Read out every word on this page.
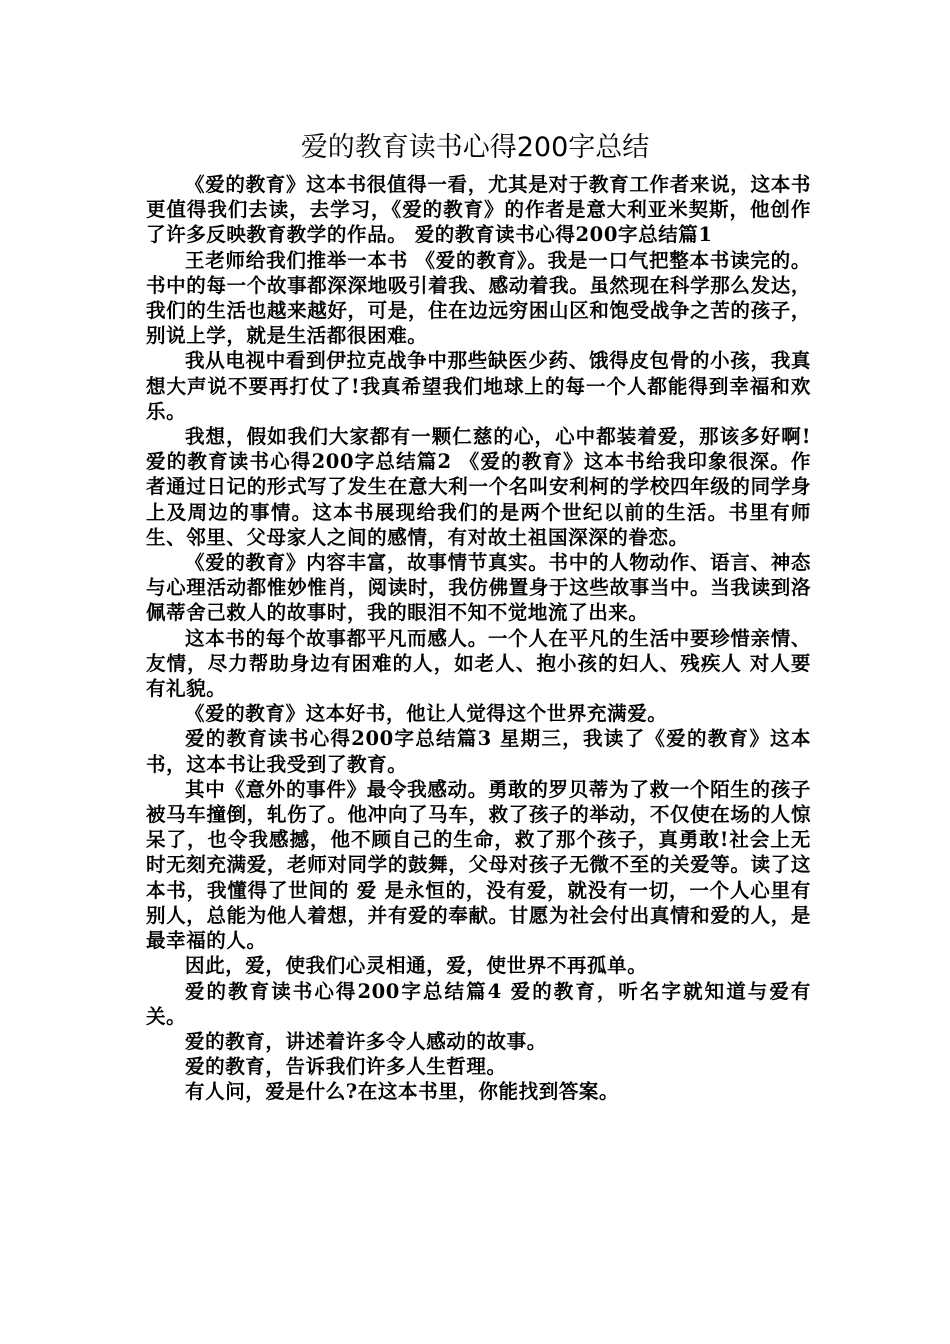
爱的教育读书心得200字总结

《爱的教育》这本书很值得一看，尤其是对于教育工作者来说，这本书更值得我们去读，去学习，《爱的教育》的作者是意大利亚米契斯，他创作了许多反映教育教学的作品。 爱的教育读书心得200字总结篇1

王老师给我们推举一本书 《爱的教育》。我是一口气把整本书读完的。书中的每一个故事都深深地吸引着我、感动着我。虽然现在科学那么发达，我们的生活也越来越好，可是，住在边远穷困山区和饱受战争之苦的孩子，别说上学，就是生活都很困难。

我从电视中看到伊拉克战争中那些缺医少药、饿得皮包骨的小孩，我真想大声说不要再打仗了!我真希望我们地球上的每一个人都能得到幸福和欢乐。

我想，假如我们大家都有一颗仁慈的心，心中都装着爱，那该多好啊! 爱的教育读书心得200字总结篇2 《爱的教育》这本书给我印象很深。作者通过日记的形式写了发生在意大利一个名叫安利柯的学校四年级的同学身上及周边的事情。这本书展现给我们的是两个世纪以前的生活。书里有师生、邻里、父母家人之间的感情，有对故土祖国深深的眷恋。

《爱的教育》内容丰富，故事情节真实。书中的人物动作、语言、神态与心理活动都惟妙惟肖，阅读时，我仿佛置身于这些故事当中。当我读到洛佩蒂舍己救人的故事时，我的眼泪不知不觉地流了出来。

这本书的每个故事都平凡而感人。一个人在平凡的生活中要珍惜亲情、友情，尽力帮助身边有困难的人，如老人、抱小孩的妇人、残疾人 对人要有礼貌。

《爱的教育》这本好书，他让人觉得这个世界充满爱。

爱的教育读书心得200字总结篇3 星期三，我读了《爱的教育》这本书，这本书让我受到了教育。

其中《意外的事件》最令我感动。勇敢的罗贝蒂为了救一个陌生的孩子被马车撞倒，轧伤了。他冲向了马车，救了孩子的举动，不仅使在场的人惊呆了，也令我感撼，他不顾自己的生命，救了那个孩子，真勇敢!社会上无时无刻充满爱，老师对同学的鼓舞，父母对孩子无微不至的关爱等。读了这本书，我懂得了世间的 爱 是永恒的，没有爱，就没有一切，一个人心里有别人，总能为他人着想，并有爱的奉献。甘愿为社会付出真情和爱的人，是最幸福的人。

因此，爱，使我们心灵相通，爱，使世界不再孤单。

爱的教育读书心得200字总结篇4 爱的教育，听名字就知道与爱有关。

爱的教育，讲述着许多令人感动的故事。

爱的教育，告诉我们许多人生哲理。

有人问，爱是什么?在这本书里，你能找到答案。
